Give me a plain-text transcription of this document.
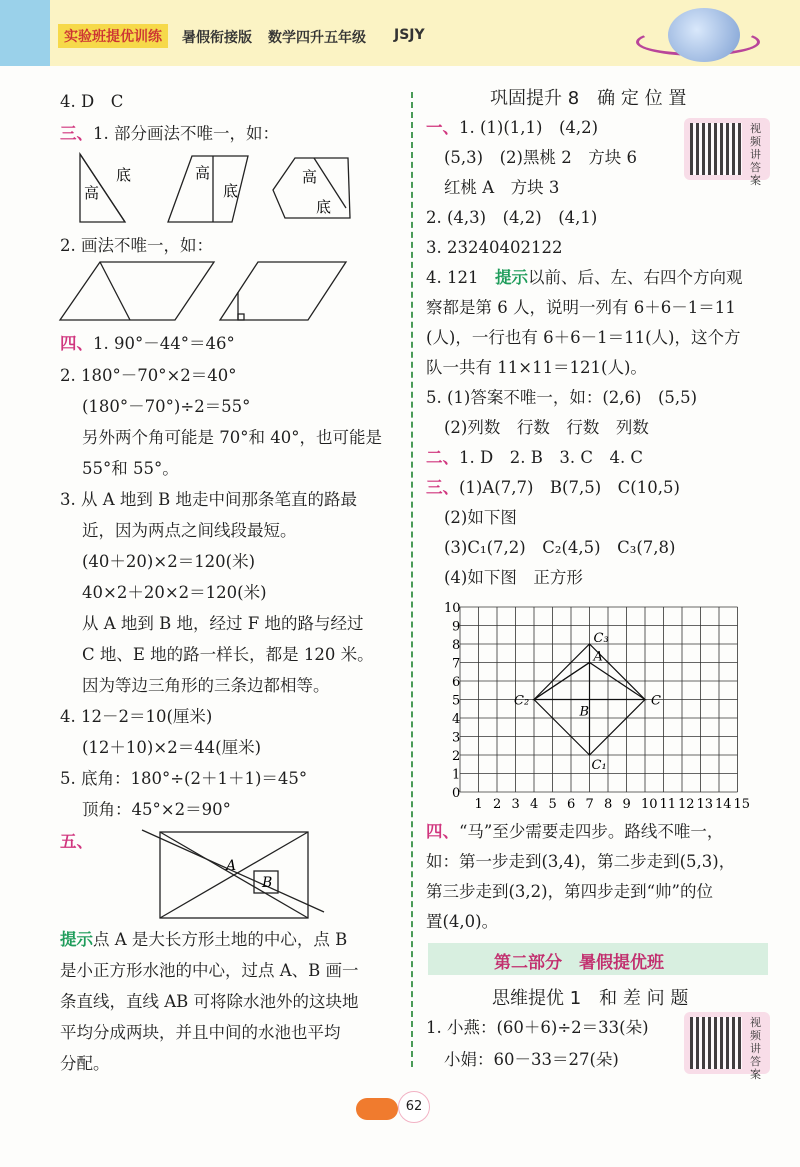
实验班提优训练	暑假衔接版 数学四升五年级 JSJY
4. D　C
三、1. 部分画法不唯一，如：
底
高
高
底
高
底
2. 画法不唯一，如：
四、1. 90°－44°＝46°
2. 180°－70°×2＝40°
(180°－70°)÷2＝55°
另外两个角可能是 70°和 40°，也可能是
55°和 55°。
3. 从 A 地到 B 地走中间那条笔直的路最
近，因为两点之间线段最短。
(40＋20)×2＝120(米)
40×2＋20×2＝120(米)
从 A 地到 B 地，经过 F 地的路与经过
C 地、E 地的路一样长，都是 120 米。
因为等边三角形的三条边都相等。
4. 12－2＝10(厘米)
(12＋10)×2＝44(厘米)
5. 底角：180°÷(2＋1＋1)＝45°
顶角：45°×2＝90°
五、
A
B
提示点 A 是大长方形土地的中心，点 B
是小正方形水池的中心，过点 A、B 画一
条直线，直线 AB 可将除水池外的这块地
平均分成两块，并且中间的水池也平均
分配。
巩固提升 8　确 定 位 置
视频讲答案
一、1. (1)(1,1)　(4,2)
(5,3)　(2)黑桃 2　方块 6
红桃 A　方块 3
2. (4,3)　(4,2)　(4,1)
3. 23240402122
4. 121　 提示以前、后、左、右四个方向观
察都是第 6 人，说明一列有 6＋6－1＝11
(人)，一行也有 6＋6－1＝11(人)，这个方
队一共有 11×11＝121(人)。
5. (1)答案不唯一，如：(2,6)　(5,5)
(2)列数　行数　行数　列数
二、1. D　2. B　3. C　4. C
三、(1)A(7,7)　B(7,5)　C(10,5)
(2)如下图
(3)C₁(7,2)　C₂(4,5)　C₃(7,8)
(4)如下图　正方形
1 2 3 4 5 6 7 8 9 10 11 12 13 14 15
10
9
8
7
6
5
4
3
2
1
0
A
B
C
C₁
C₂
C₃
四、“马”至少需要走四步。路线不唯一，
如：第一步走到(3,4)，第二步走到(5,3)，
第三步走到(3,2)，第四步走到“帅”的位
置(4,0)。
第二部分　暑假提优班
思维提优 1　和 差 问 题
视频讲答案
1. 小燕：(60＋6)÷2＝33(朵)
小娟：60－33＝27(朵)
62
